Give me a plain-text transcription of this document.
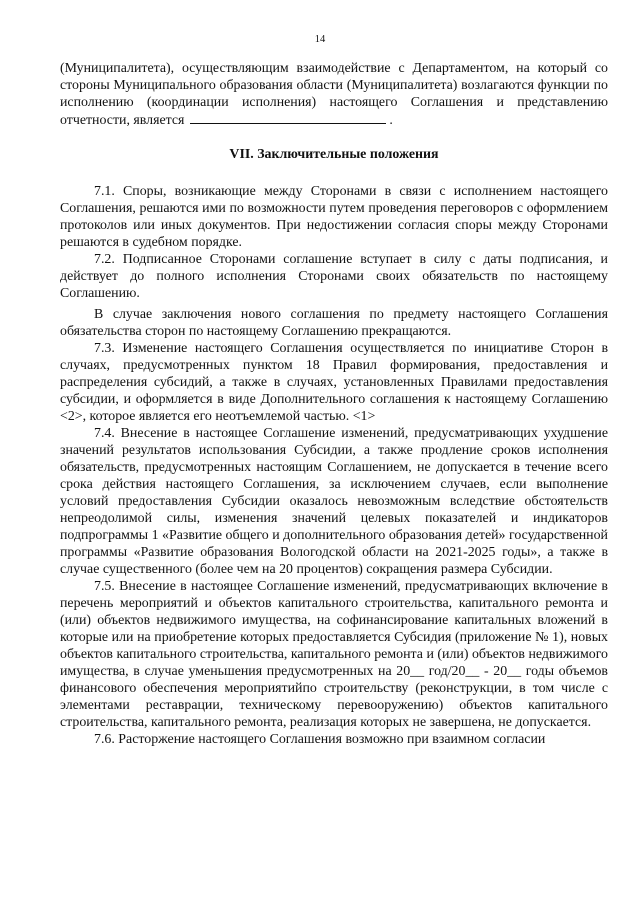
14

(Муниципалитета), осуществляющим взаимодействие с Департаментом, на который со стороны Муниципального образования области (Муниципалитета) возлагаются функции по исполнению (координации исполнения) настоящего Соглашения и представлению отчетности, является	.

VII. Заключительные положения

7.1. Споры, возникающие между Сторонами в связи с исполнением настоящего Соглашения, решаются ими по возможности путем проведения переговоров с оформлением протоколов или иных документов. При недостижении согласия споры между Сторонами решаются в судебном порядке.

7.2. Подписанное Сторонами соглашение вступает в силу с даты подписания, и действует до полного исполнения Сторонами своих обязательств по настоящему Соглашению.

В случае заключения нового соглашения по предмету настоящего Соглашения обязательства сторон по настоящему Соглашению прекращаются.

7.3. Изменение настоящего Соглашения осуществляется по инициативе Сторон в случаях, предусмотренных пунктом 18 Правил формирования, предоставления и распределения субсидий, а также в случаях, установленных Правилами предоставления субсидии, и оформляется в виде Дополнительного соглашения к настоящему Соглашению <2>, которое является его неотъемлемой частью. <1>

7.4. Внесение в настоящее Соглашение изменений, предусматривающих ухудшение значений результатов использования Субсидии, а также продление сроков исполнения обязательств, предусмотренных настоящим Соглашением, не допускается в течение всего срока действия настоящего Соглашения, за исключением случаев, если выполнение условий предоставления Субсидии оказалось невозможным вследствие обстоятельств непреодолимой силы, изменения значений целевых показателей и индикаторов подпрограммы 1 «Развитие общего и дополнительного образования детей» государственной программы «Развитие образования Вологодской области на 2021-2025 годы», а также в случае существенного (более чем на 20 процентов) сокращения размера Субсидии.

7.5. Внесение в настоящее Соглашение изменений, предусматривающих включение в перечень мероприятий и объектов капитального строительства, капитального ремонта и (или) объектов недвижимого имущества, на софинансирование капитальных вложений в которые или на приобретение которых предоставляется Субсидия (приложение № 1), новых объектов капитального строительства, капитального ремонта и (или) объектов недвижимого имущества, в случае уменьшения предусмотренных на 20__ год/20__ - 20__ годы объемов финансового обеспечения мероприятийпо строительству (реконструкции, в том числе с элементами реставрации, техническому перевооружению) объектов капитального строительства, капитального ремонта, реализация которых не завершена, не допускается.

7.6. Расторжение настоящего Соглашения возможно при взаимном согласии
